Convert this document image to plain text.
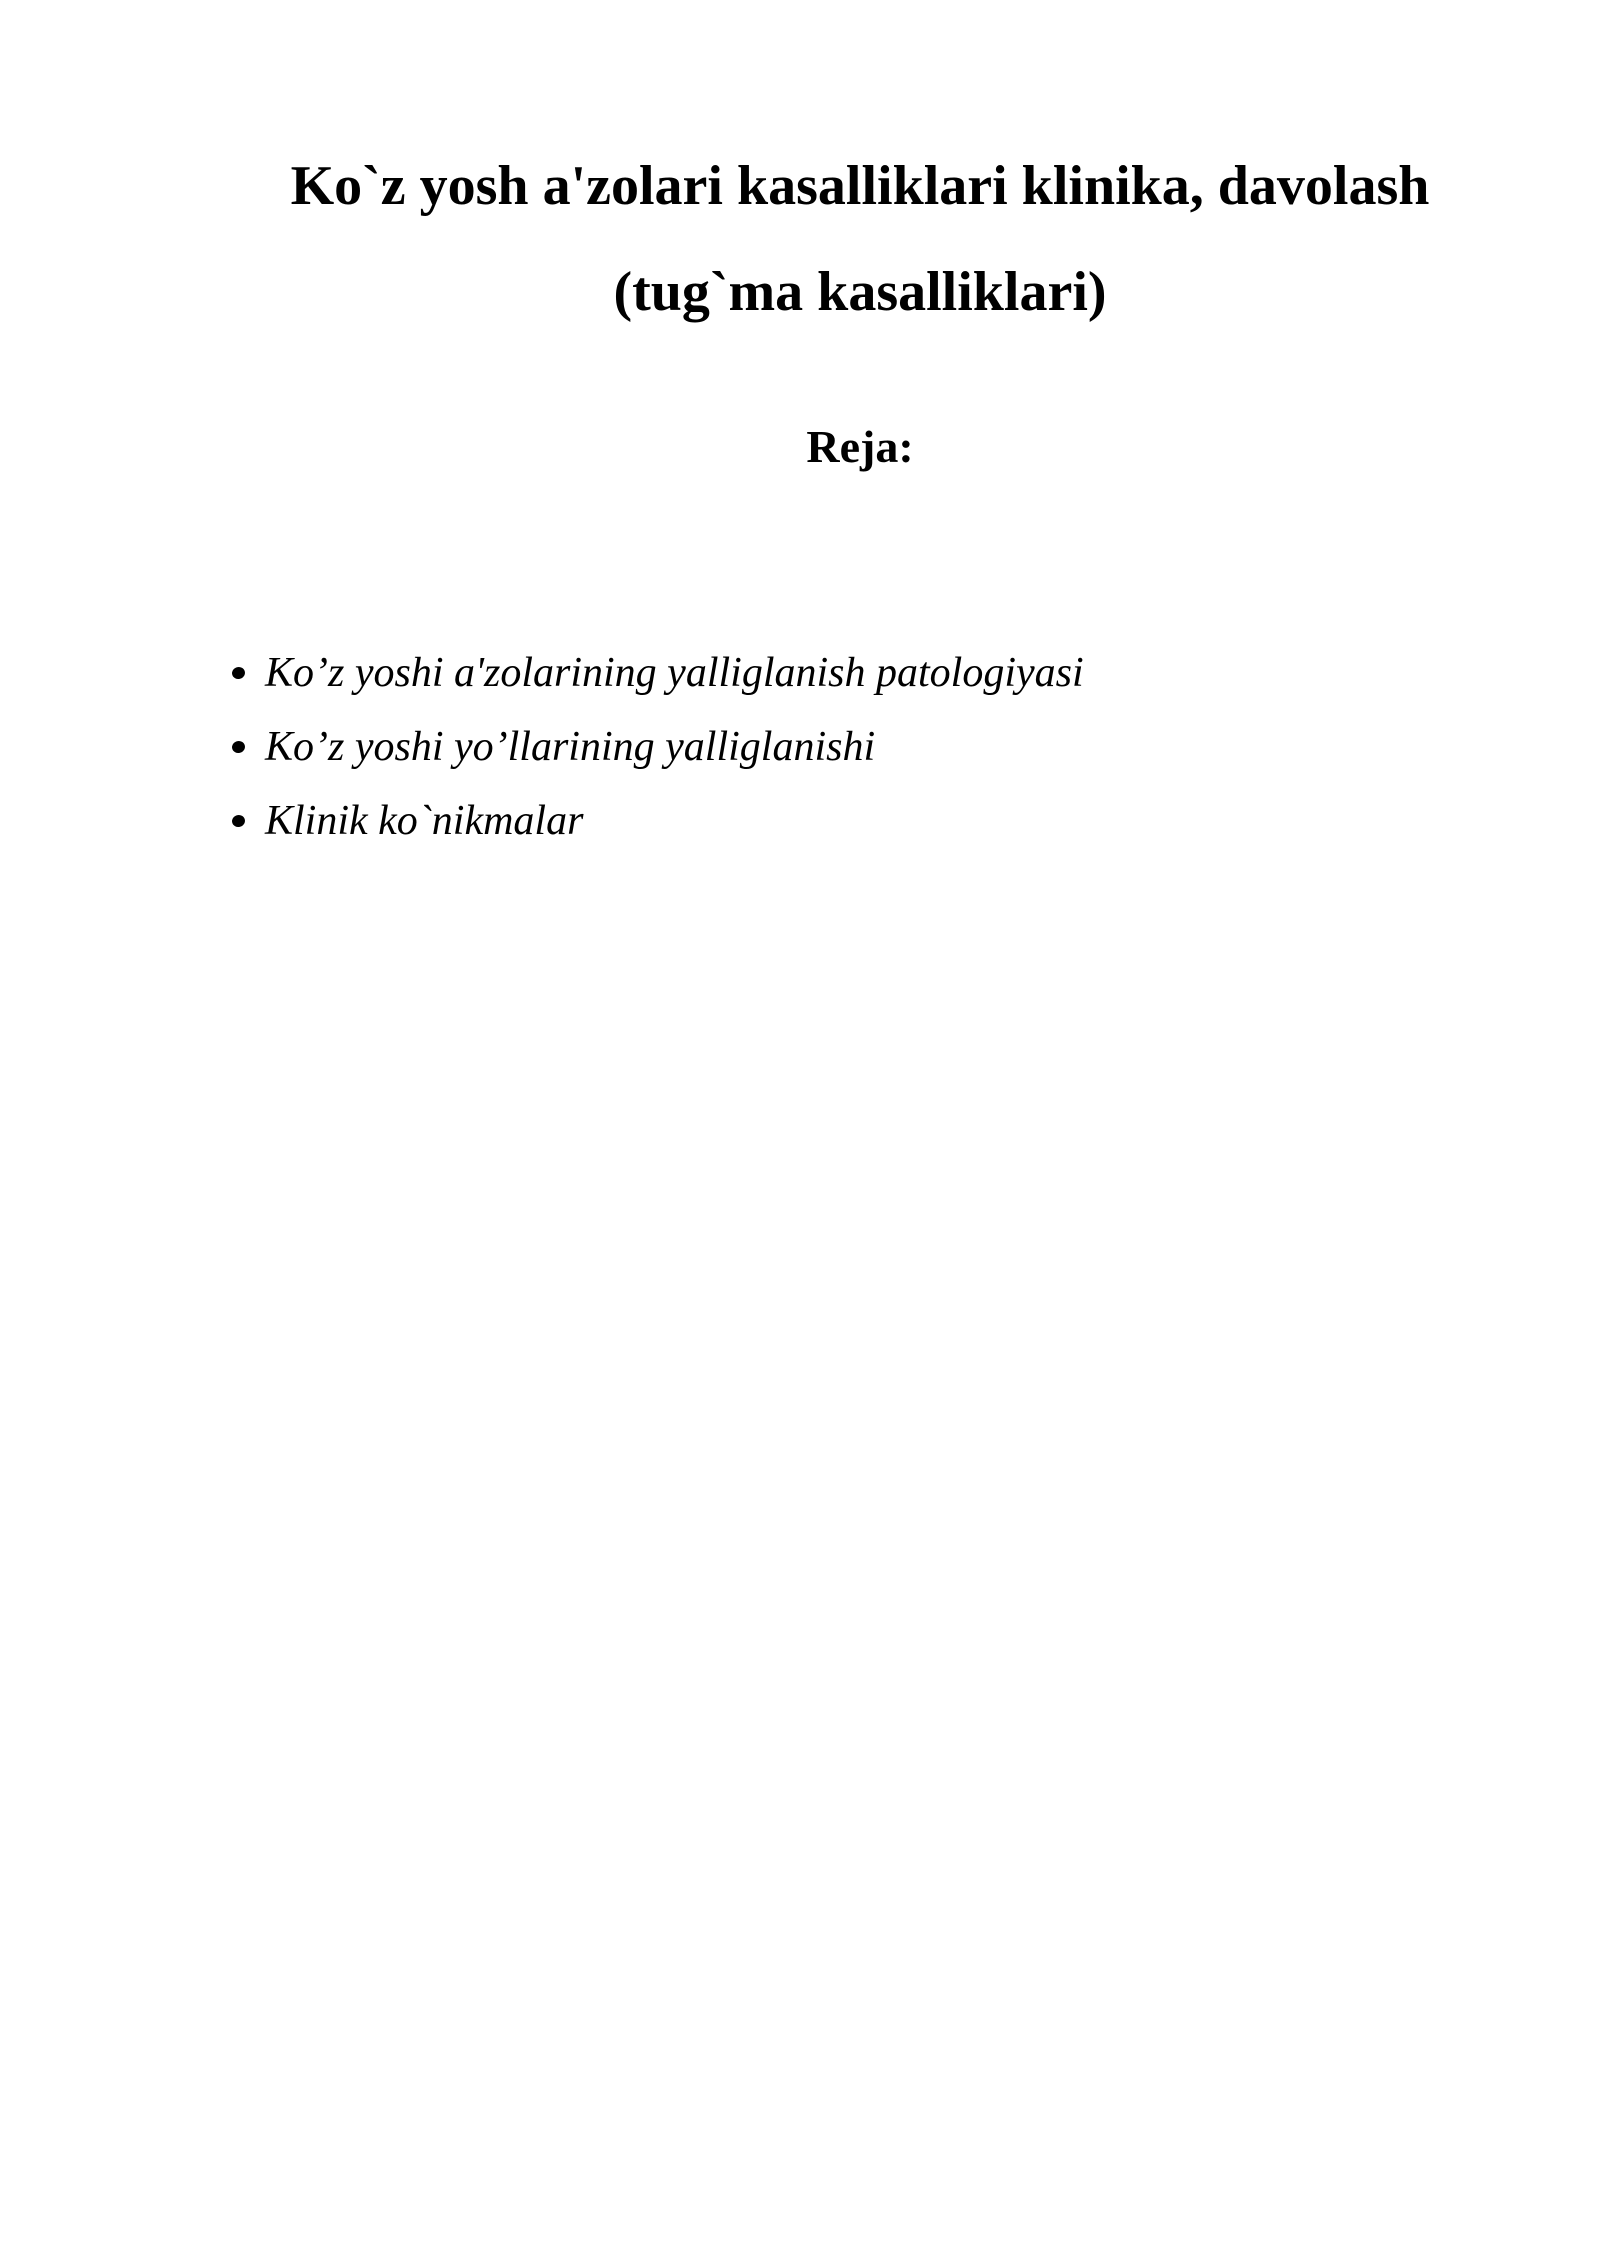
Ko`z yosh a'zolari kasalliklari klinika, davolash
(tug`ma kasalliklari)
Reja:
Ko’z yoshi a'zolarining yalliglanish patologiyasi
Ko’z yoshi yo’llarining yalliglanishi
Klinik ko`nikmalar
